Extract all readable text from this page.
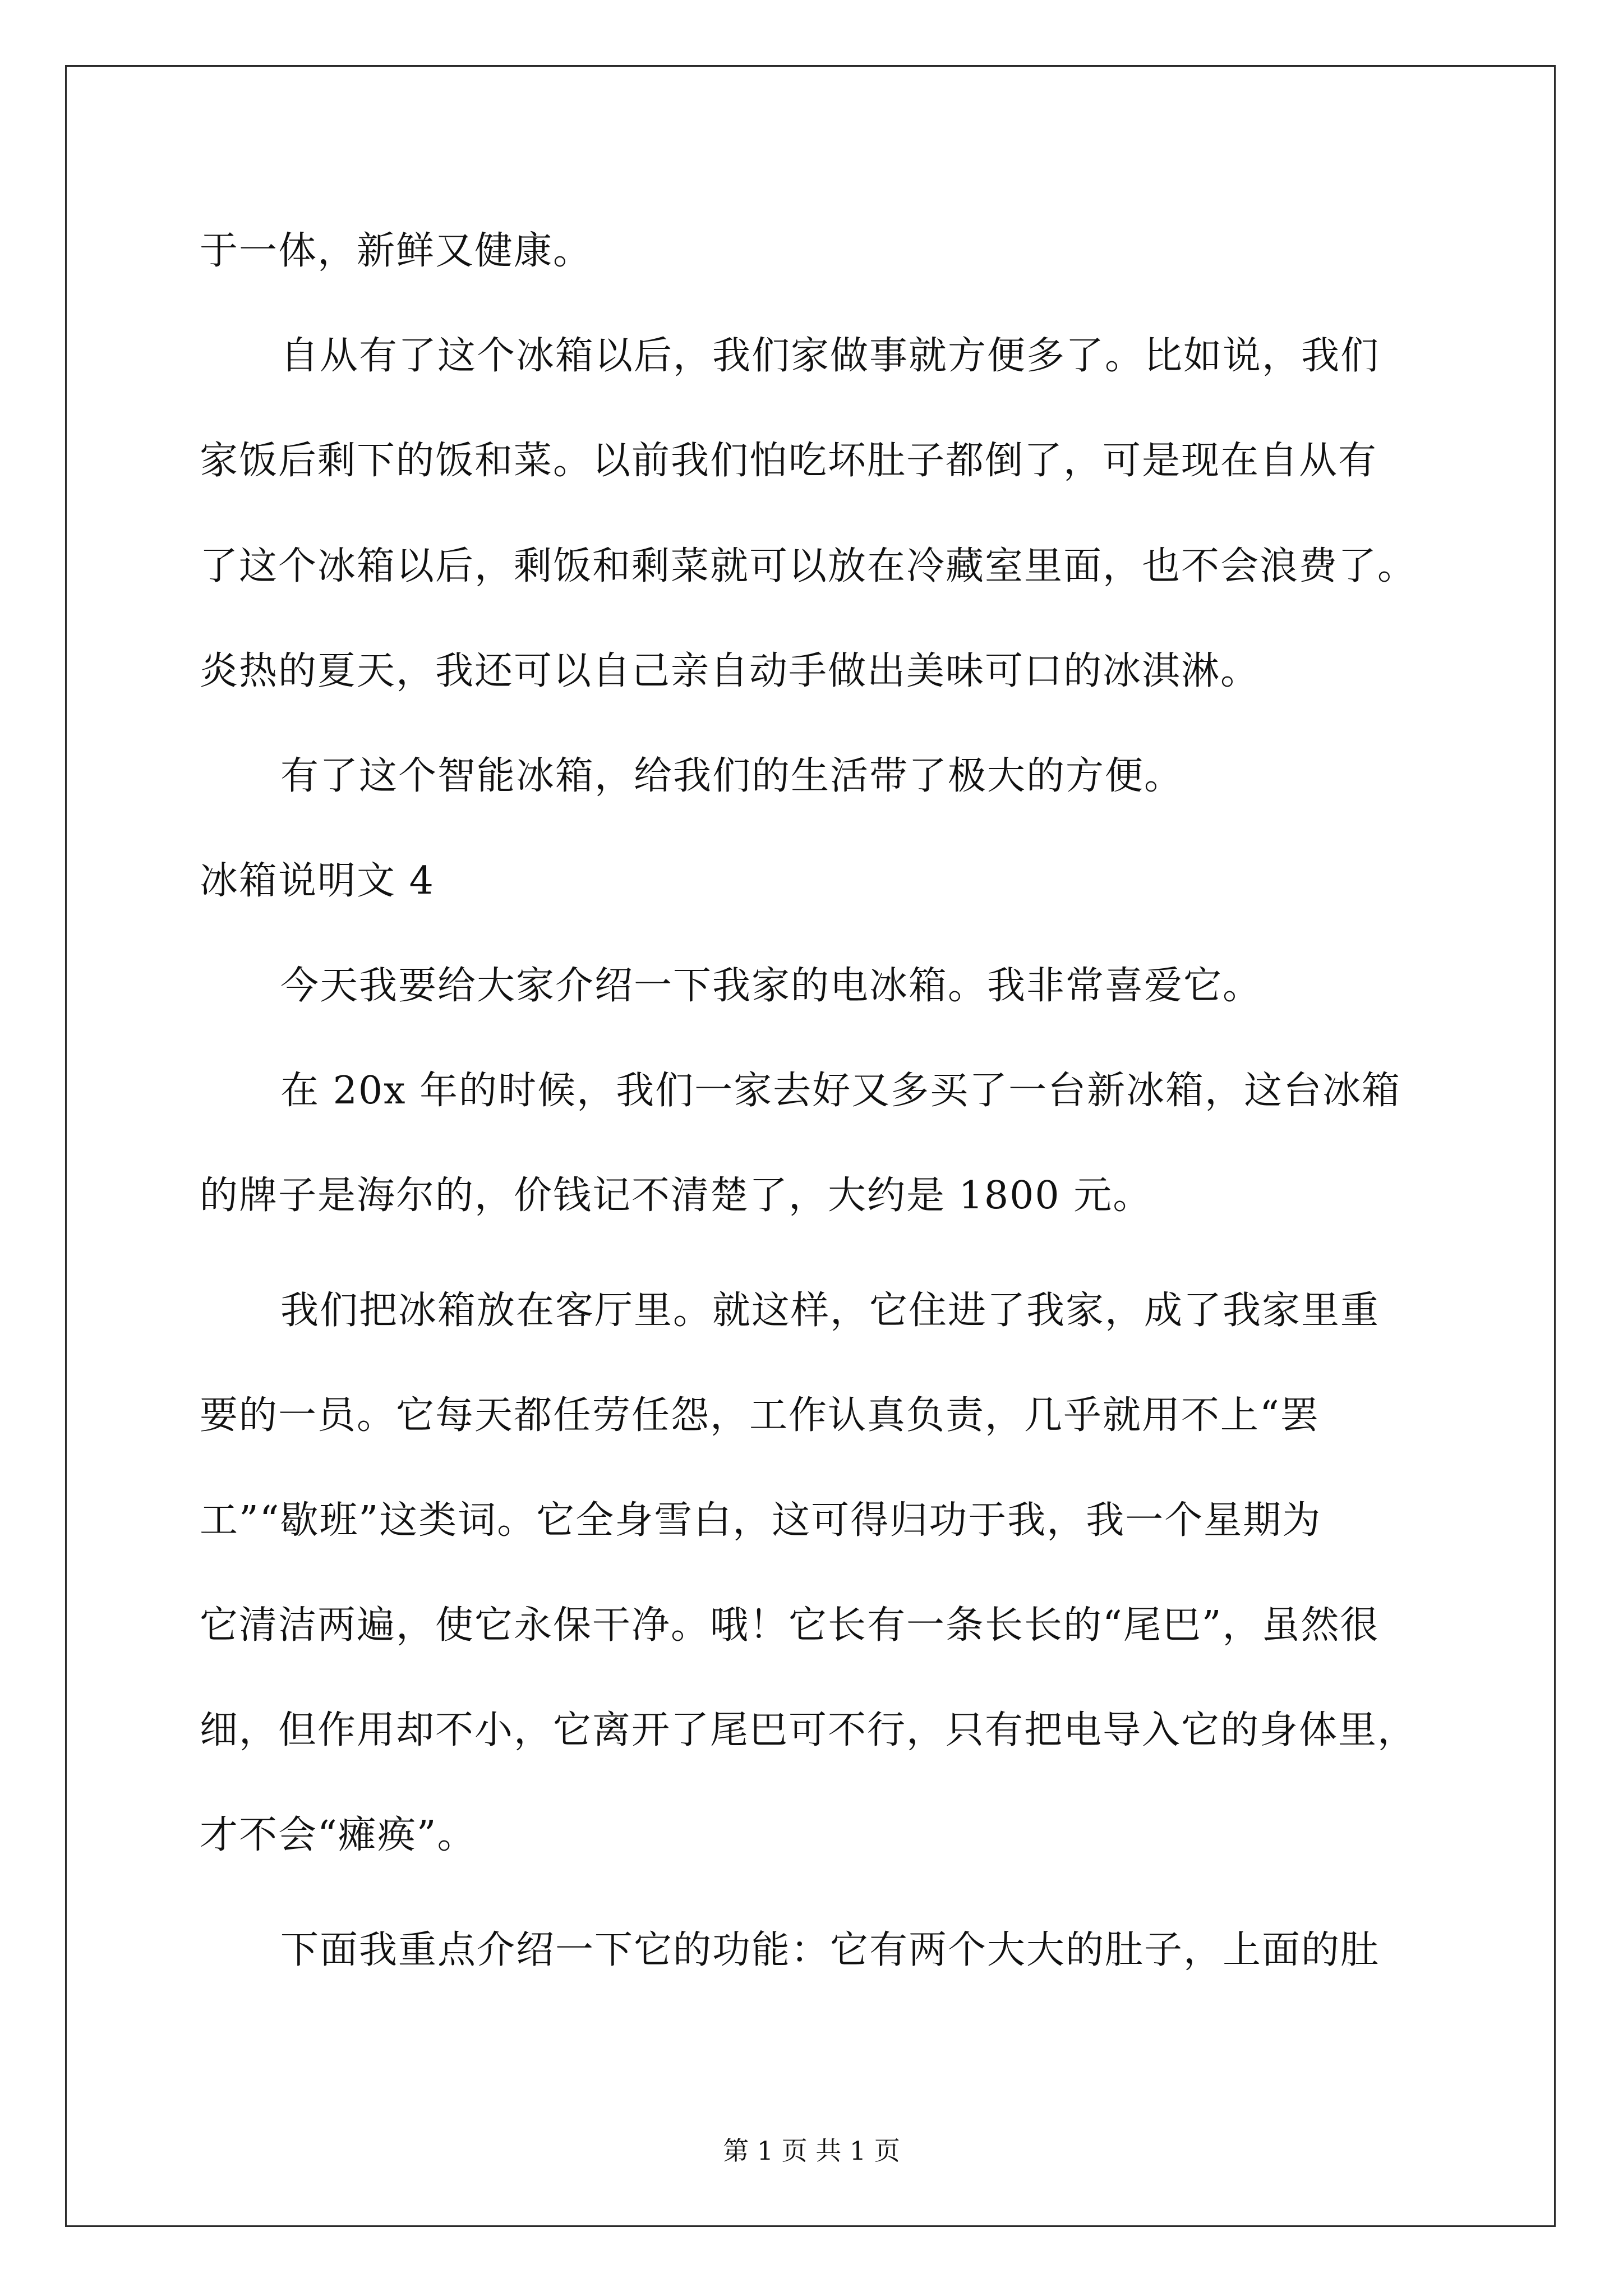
于一体，新鲜又健康。
自从有了这个冰箱以后，我们家做事就方便多了。比如说，我们
家饭后剩下的饭和菜。以前我们怕吃坏肚子都倒了，可是现在自从有
了这个冰箱以后，剩饭和剩菜就可以放在冷藏室里面，也不会浪费了。
炎热的夏天，我还可以自己亲自动手做出美味可口的冰淇淋。
有了这个智能冰箱，给我们的生活带了极大的方便。
冰箱说明文 4
今天我要给大家介绍一下我家的电冰箱。我非常喜爱它。
在 20x 年的时候，我们一家去好又多买了一台新冰箱，这台冰箱
的牌子是海尔的，价钱记不清楚了，大约是 1800 元。
我们把冰箱放在客厅里。就这样，它住进了我家，成了我家里重
要的一员。它每天都任劳任怨，工作认真负责，几乎就用不上“罢
工”“歇班”这类词。它全身雪白，这可得归功于我，我一个星期为
它清洁两遍，使它永保干净。哦！它长有一条长长的“尾巴”，虽然很
细，但作用却不小，它离开了尾巴可不行，只有把电导入它的身体里，
才不会“瘫痪”。
下面我重点介绍一下它的功能：它有两个大大的肚子，上面的肚
第 1 页 共 1 页
